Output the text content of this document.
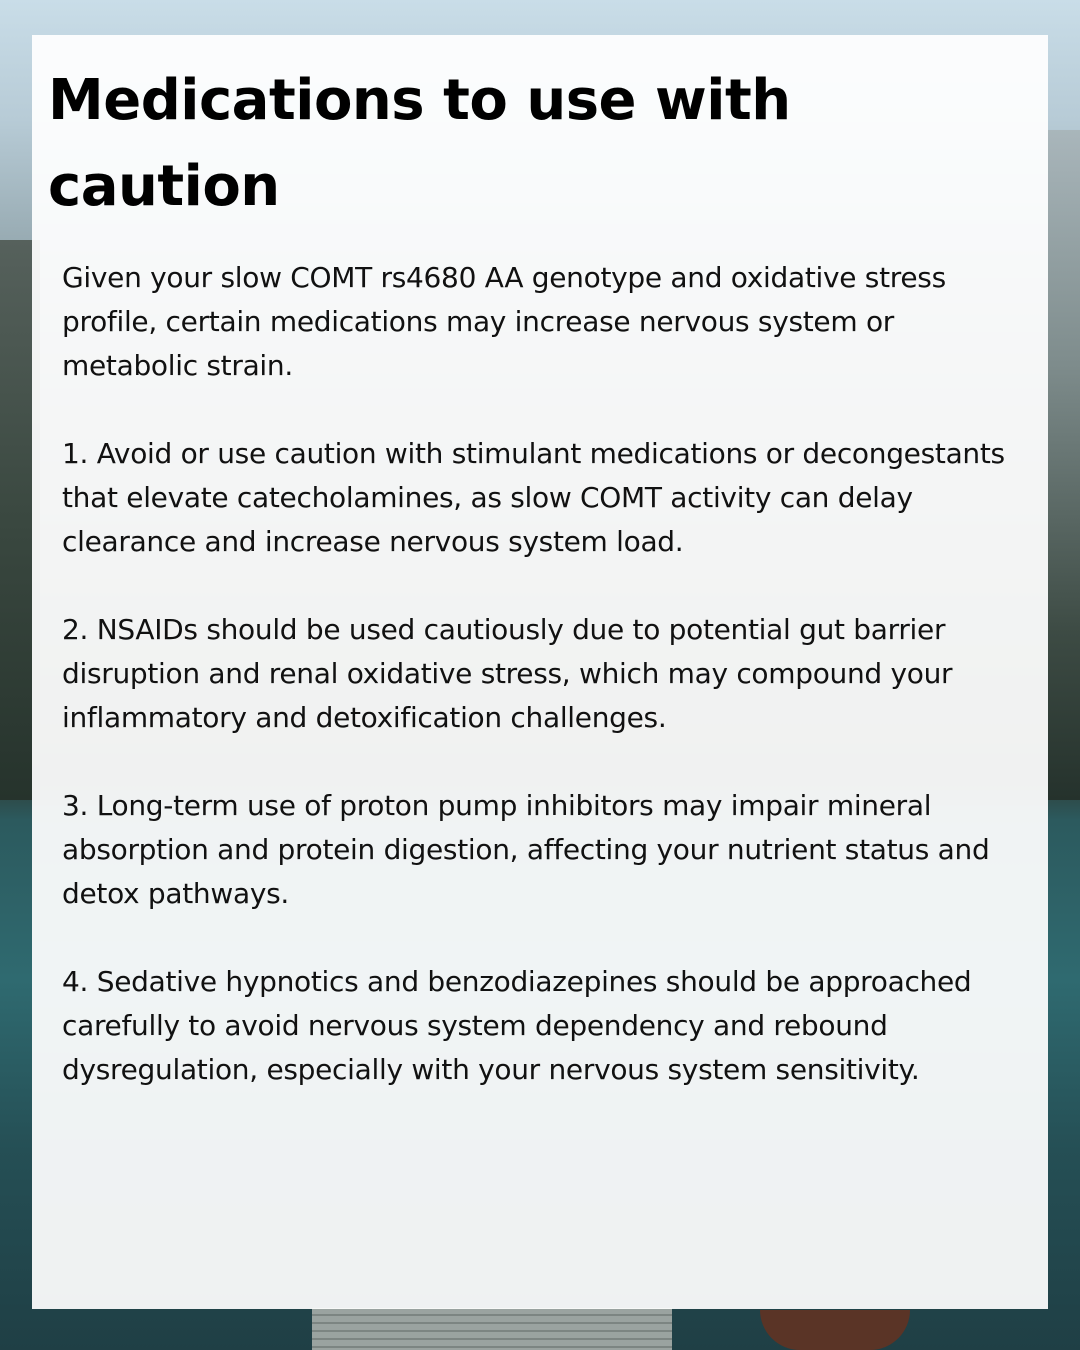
Medications to use with caution

Given your slow COMT rs4680 AA genotype and oxidative stress profile, certain medications may increase nervous system or metabolic strain.

1. Avoid or use caution with stimulant medications or decongestants that elevate catecholamines, as slow COMT activity can delay clearance and increase nervous system load.

2. NSAIDs should be used cautiously due to potential gut barrier disruption and renal oxidative stress, which may compound your inflammatory and detoxification challenges.

3. Long-term use of proton pump inhibitors may impair mineral absorption and protein digestion, affecting your nutrient status and detox pathways.

4. Sedative hypnotics and benzodiazepines should be approached carefully to avoid nervous system dependency and rebound dysregulation, especially with your nervous system sensitivity.
